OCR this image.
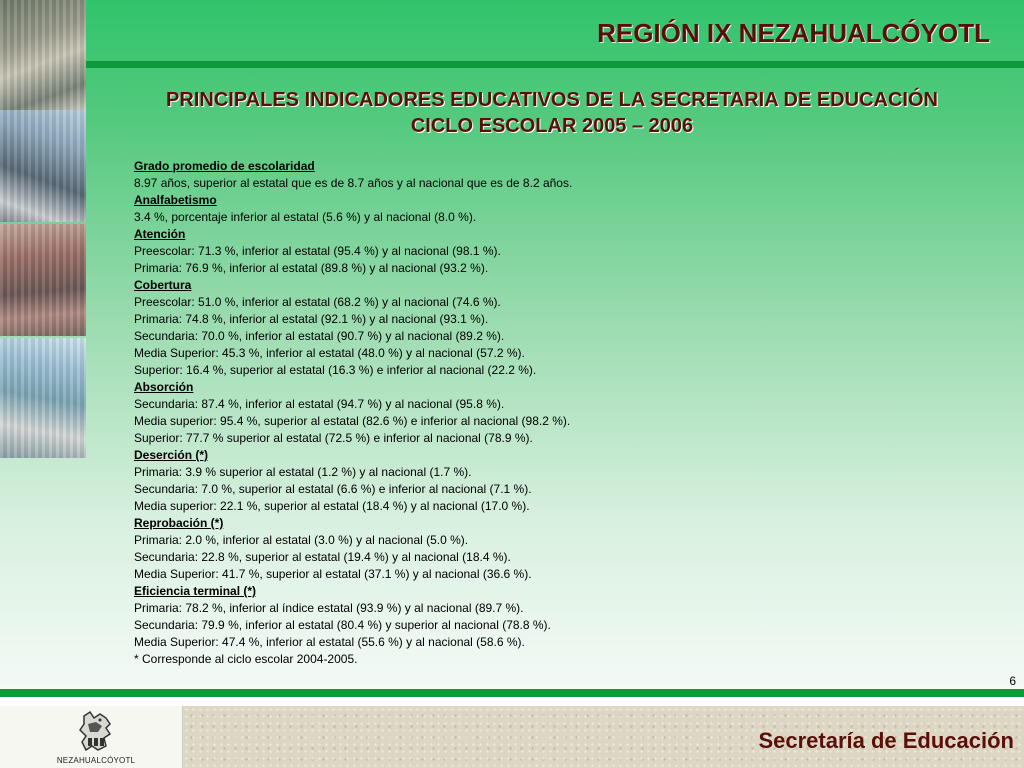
REGIÓN IX NEZAHUALCÓYOTL
PRINCIPALES INDICADORES EDUCATIVOS DE LA SECRETARIA DE EDUCACIÓN
CICLO ESCOLAR 2005 – 2006
Grado promedio de escolaridad
8.97 años, superior al estatal que es de 8.7 años y al nacional que es de 8.2 años.
Analfabetismo
3.4 %, porcentaje inferior al estatal (5.6 %) y al nacional (8.0 %).
Atención
Preescolar: 71.3 %, inferior al estatal (95.4 %) y al nacional (98.1 %).
Primaria: 76.9 %, inferior al estatal (89.8 %) y al nacional (93.2 %).
Cobertura
Preescolar: 51.0 %, inferior al estatal (68.2 %) y al nacional (74.6 %).
Primaria: 74.8 %, inferior al estatal (92.1 %) y al nacional (93.1 %).
Secundaria: 70.0 %, inferior al estatal (90.7 %) y al nacional (89.2 %).
Media Superior: 45.3 %, inferior al estatal (48.0 %) y al nacional (57.2 %).
Superior: 16.4 %, superior al estatal (16.3 %) e inferior al nacional (22.2 %).
Absorción
Secundaria: 87.4 %, inferior al estatal (94.7 %) y al nacional (95.8 %).
Media superior: 95.4 %, superior al estatal (82.6 %) e inferior al nacional (98.2 %).
Superior: 77.7 % superior al estatal (72.5 %) e inferior al nacional (78.9 %).
Deserción (*)
Primaria: 3.9 % superior al estatal (1.2 %) y al nacional (1.7 %).
Secundaria: 7.0 %, superior al estatal (6.6 %) e inferior al nacional (7.1 %).
Media superior: 22.1 %, superior al estatal (18.4 %) y al nacional (17.0 %).
Reprobación (*)
Primaria: 2.0 %, inferior al estatal (3.0 %) y al nacional (5.0 %).
Secundaria: 22.8 %, superior al estatal (19.4 %) y al nacional (18.4 %).
Media Superior: 41.7 %, superior al estatal (37.1 %) y al nacional (36.6 %).
Eficiencia terminal (*)
Primaria: 78.2 %, inferior al índice estatal (93.9 %) y al nacional (89.7 %).
Secundaria: 79.9 %, inferior al estatal (80.4 %) y superior al nacional (78.8 %).
Media Superior: 47.4 %, inferior al estatal (55.6 %) y al nacional (58.6 %).
* Corresponde al ciclo escolar 2004-2005.
6
NEZAHUALCÓYOTL
Secretaría de Educación
